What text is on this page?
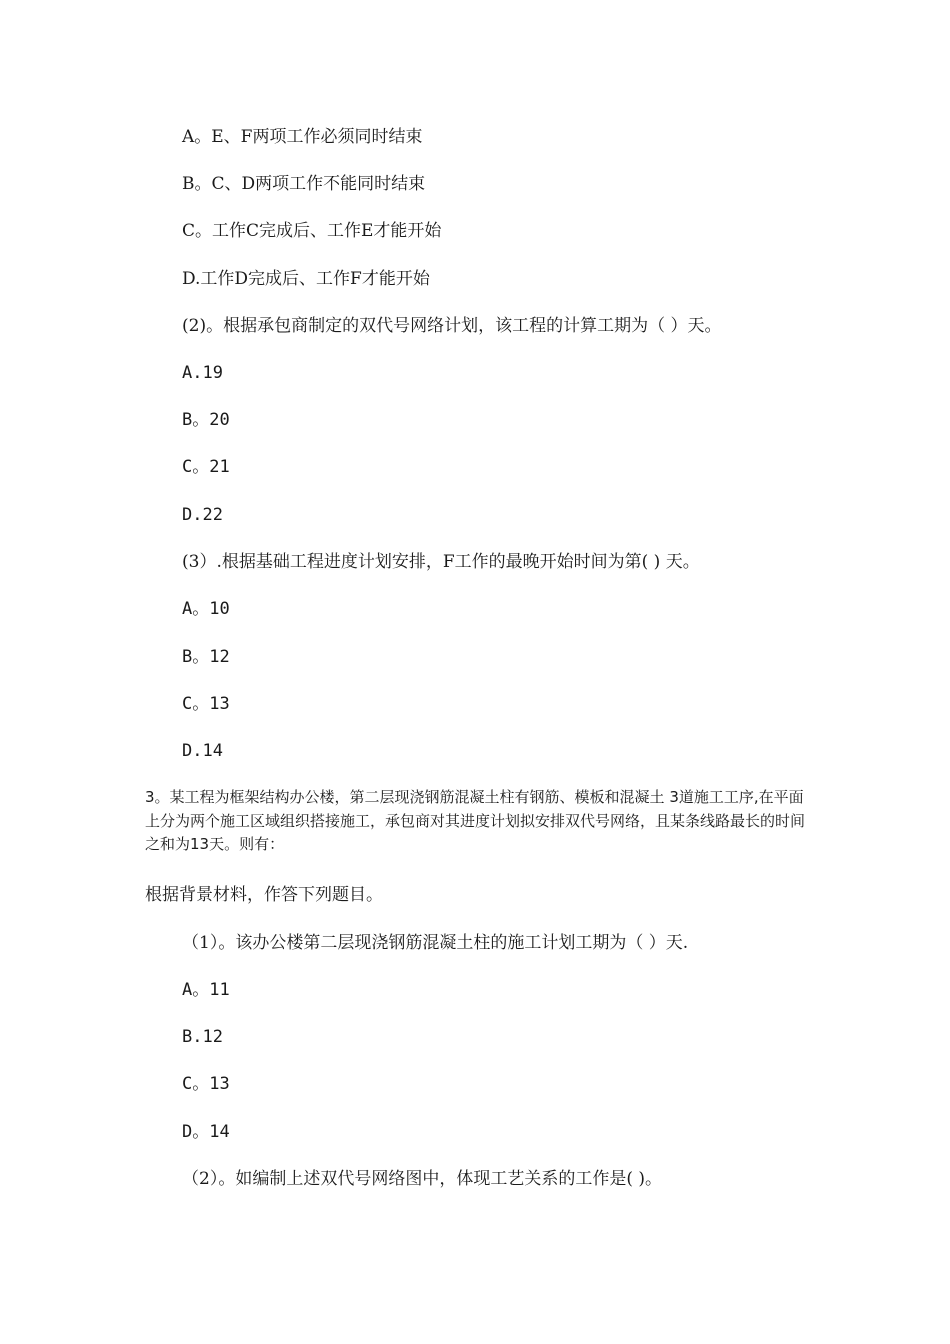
A。E、F两项工作必须同时结束
B。C、D两项工作不能同时结束
C。工作C完成后、工作E才能开始
D.工作D完成后、工作F才能开始
(2)。根据承包商制定的双代号网络计划，该工程的计算工期为（ ）天。
A.19
B。20
C。21
D.22
(3）.根据基础工程进度计划安排，F工作的最晚开始时间为第( ) 天。
A。10
B。12
C。13
D.14
3。某工程为框架结构办公楼，第二层现浇钢筋混凝土柱有钢筋、模板和混凝土 3道施工工序,在平面上分为两个施工区域组织搭接施工，承包商对其进度计划拟安排双代号网络，且某条线路最长的时间之和为13天。则有：
根据背景材料，作答下列题目。
（1）。该办公楼第二层现浇钢筋混凝土柱的施工计划工期为（ ）天.
A。11
B.12
C。13
D。14
（2）。如编制上述双代号网络图中，体现工艺关系的工作是( )。
